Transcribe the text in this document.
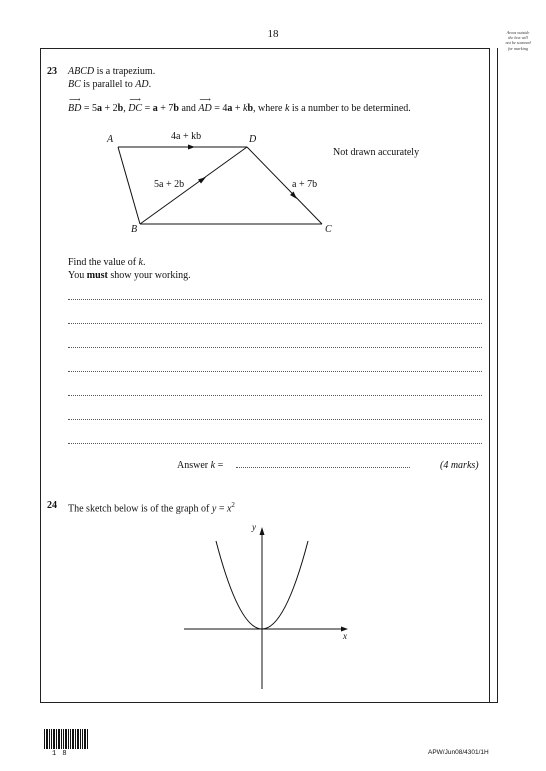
18	Areas outside
the box will
not be scanned
for marking
23 ABCD is a trapezium.
BC is parallel to AD.
⟶
BD = 5a + 2b,
⟶
DC = a + 7b and
⟶
AD = 4a + kb, where k is a number to be determined.
A	D
B	C
4a + kb
5a + 2b	a + 7b
Not drawn accurately
Find the value of k.
You must show your working.
Answer k =	(4 marks)
24 The sketch below is of the graph of $y = x^2$
y
x
1 8	APW/Jun08/4301/1H
